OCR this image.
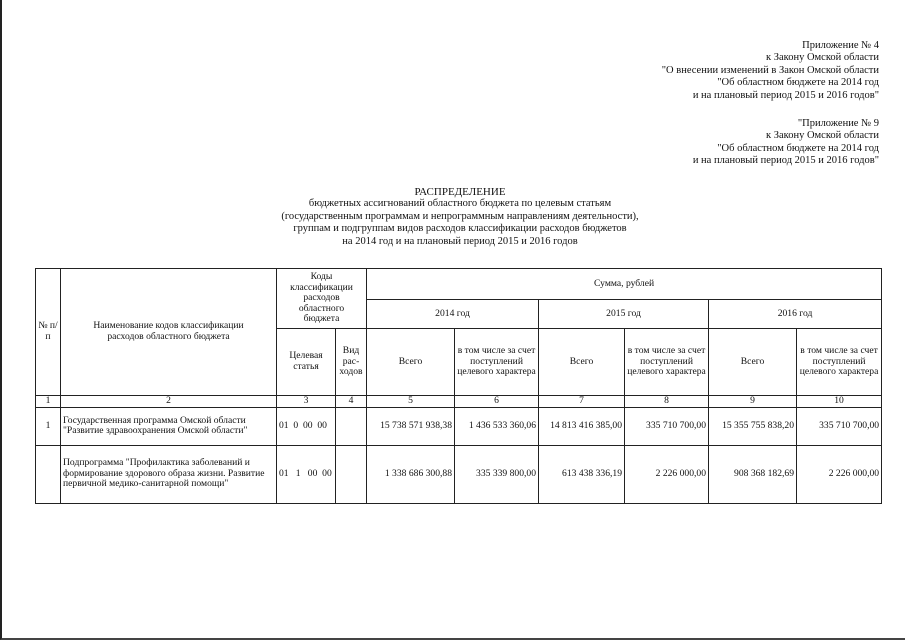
Приложение № 4
к Закону Омской области
"О внесении изменений в Закон Омской области
"Об областном бюджете на 2014 год
и на плановый период 2015 и 2016 годов"
"Приложение № 9
к Закону Омской области
"Об областном бюджете на 2014 год
и на плановый период 2015 и 2016 годов"
РАСПРЕДЕЛЕНИЕ
бюджетных ассигнований областного бюджета по целевым статьям
(государственным программам и непрограммным направлениям деятельности),
группам и подгруппам видов расходов классификации расходов бюджетов
на 2014 год и на плановый период 2015 и 2016 годов
№ п/п	Наименование кодов классификации расходов областного бюджета	Коды классификации расходов областного бюджета		Сумма, рублей					
				2014 год		2015 год		2016 год	
		Целевая статья	Вид рас-ходов	Всего	в том числе за счет поступлений целевого характера	Всего	в том числе за счет поступлений целевого характера	Всего	в том числе за счет поступлений целевого характера
1	2	3	4	5	6	7	8	9	10
1	Государственная программа Омской области "Развитие здравоохранения Омской области"	01  0  00  00		15 738 571 938,38	1 436 533 360,06	14 813 416 385,00	335 710 700,00	15 355 755 838,20	335 710 700,00
	Подпрограмма "Профилактика заболеваний и формирование здорового образа жизни. Развитие первичной медико-санитарной помощи"	01   1   00  00		1 338 686 300,88	335 339 800,00	613 438 336,19	2 226 000,00	908 368 182,69	2 226 000,00
